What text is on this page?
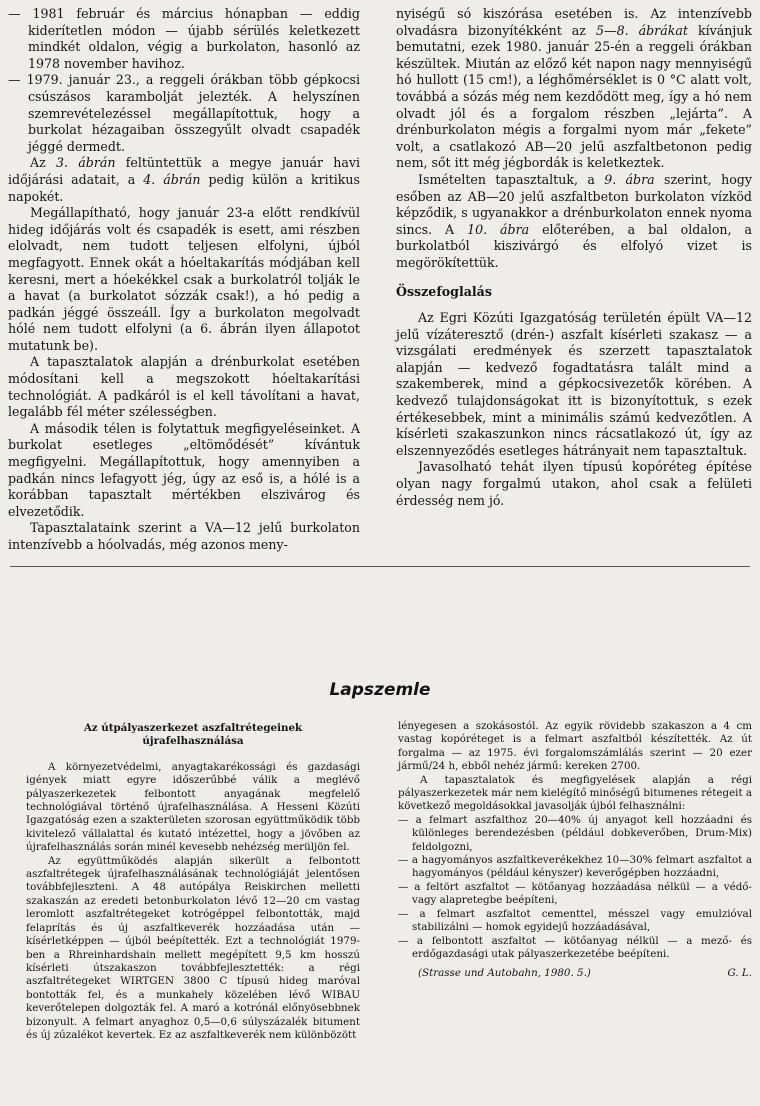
— 1981 február és március hónapban — eddig kiderítetlen módon — újabb sérülés keletkezett mindkét oldalon, végig a burkolaton, hasonló az 1978 november havihoz.

— 1979. január 23., a reggeli órákban több gépkocsi csúszásos karambolját jelezték. A helyszínen szemrevételezéssel megállapítottuk, hogy a burkolat hézagaiban összegyűlt olvadt csapadék jéggé dermedt.

Az 3. ábrán feltüntettük a megye január havi időjárási adatait, a 4. ábrán pedig külön a kritikus napokét.

Megállapítható, hogy január 23-a előtt rendkívül hideg időjárás volt és csapadék is esett, ami részben elolvadt, nem tudott teljesen elfolyni, újból megfagyott. Ennek okát a hóeltakarítás módjában kell keresni, mert a hóekékkel csak a burkolatról tolják le a havat (a burkolatot sózzák csak!), a hó pedig a padkán jéggé összeáll. Így a burkolaton megolvadt hólé nem tudott elfolyni (a 6. ábrán ilyen állapotot mutatunk be).

A tapasztalatok alapján a drénburkolat esetében módosítani kell a megszokott hóeltakarítási technológiát. A padkáról is el kell távolítani a havat, legalább fél méter szélességben.

A második télen is folytattuk megfigyeléseinket. A burkolat esetleges „eltömődését” kívántuk megfigyelni. Megállapítottuk, hogy amennyiben a padkán nincs lefagyott jég, úgy az eső is, a hólé is a korábban tapasztalt mértékben elszivárog és elvezetődik.

Tapasztalataink szerint a VA—12 jelű burkolaton intenzívebb a hóolvadás, még azonos meny-

nyiségű só kiszórása esetében is. Az intenzívebb olvadásra bizonyítékként az 5—8. ábrákat kívánjuk bemutatni, ezek 1980. január 25-én a reggeli órákban készültek. Miután az előző két napon nagy mennyiségű hó hullott (15 cm!), a léghőmérséklet is 0 °C alatt volt, továbbá a sózás még nem kezdődött meg, így a hó nem olvadt jól és a forgalom részben „lejárta”. A drénburkolaton mégis a forgalmi nyom már „fekete” volt, a csatlakozó AB—20 jelű aszfaltbetonon pedig nem, sőt itt még jégbordák is keletkeztek.

Ismételten tapasztaltuk, a 9. ábra szerint, hogy esőben az AB—20 jelű aszfaltbeton burkolaton vízköd képződik, s ugyanakkor a drénburkolaton ennek nyoma sincs. A 10. ábra előterében, a bal oldalon, a burkolatból kiszivárgó és elfolyó vizet is megörökítettük.

Összefoglalás

Az Egri Közúti Igazgatóság területén épült VA—12 jelű vízáteresztő (drén-) aszfalt kísérleti szakasz — a vizsgálati eredmények és szerzett tapasztalatok alapján — kedvező fogadtatásra talált mind a szakemberek, mind a gépkocsivezetők körében. A kedvező tulajdonságokat itt is bizonyítottuk, s ezek értékesebbek, mint a minimális számú kedvezőtlen. A kísérleti szakaszunkon nincs rácsatlakozó út, így az elszennyeződés esetleges hátrányait nem tapasztaltuk.

Javasolható tehát ilyen típusú kopóréteg építése olyan nagy forgalmú utakon, ahol csak a felületi érdesség nem jó.

Lapszemle

Az útpályaszerkezet aszfaltrétegeinek
újrafelhasználása

A környezetvédelmi, anyagtakarékossági és gazdasági igények miatt egyre időszerűbbé válik a meglévő pályaszerkezetek felbontott anyagának megfelelő technológiával történő újrafelhasználása. A Hesseni Közúti Igazgatóság ezen a szakterületen szorosan együttműködik több kivitelező vállalattal és kutató intézettel, hogy a jövőben az újrafelhasználás során minél kevesebb nehézség merüljön fel.

Az együttműködés alapján sikerült a felbontott aszfaltrétegek újrafelhasználásának technológiáját jelentősen továbbfejleszteni. A 48 autópálya Reiskirchen melletti szakaszán az eredeti betonburkolaton lévő 12—20 cm vastag leromlott aszfaltrétegeket kotrógéppel felbontották, majd felaprítás és új aszfaltkeverék hozzáadása után — kísérletképpen — újból beépítették. Ezt a technológiát 1979-ben a Rhreinhardshain mellett megépített 9,5 km hosszú kísérleti útszakaszon továbbfejlesztették: a régi aszfaltrétegeket WIRTGEN 3800 C típusú hideg maróval bontották fel, és a munkahely közelében lévő WIBAU keverőtelepen dolgozták fel. A maró a kotrónál előnyösebbnek bizonyult. A felmart anyaghoz 0,5—0,6 súlyszázalék bitument és új zúzalékot kevertek. Ez az aszfaltkeverék nem különbözött

lényegesen a szokásostól. Az egyik rövidebb szakaszon a 4 cm vastag kopóréteget is a felmart aszfaltból készítették. Az út forgalma — az 1975. évi forgalomszámlálás szerint — 20 ezer jármű/24 h, ebből nehéz jármű: kereken 2700.

A tapasztalatok és megfigyelések alapján a régi pályaszerkezetek már nem kielégítő minőségű bitumenes rétegeit a következő megoldásokkal javasolják újból felhasználni:

— a felmart aszfalthoz 20—40% új anyagot kell hozzáadni és különleges berendezésben (például dobkeverőben, Drum-Mix) feldolgozni,

— a hagyományos aszfaltkeverékekhez 10—30% felmart aszfaltot a hagyományos (például kényszer) keverőgépben hozzáadni,

— a feltört aszfaltot — kötőanyag hozzáadása nélkül — a védő- vagy alapretegbe beépíteni,

— a felmart aszfaltot cementtel, mésszel vagy emulzióval stabilizálni — homok egyidejű hozzáadásával,

— a felbontott aszfaltot — kötőanyag nélkül — a mező- és erdőgazdasági utak pályaszerkezetébe beépíteni.

(Strasse und Autobahn, 1980. 5.)	G. L.
